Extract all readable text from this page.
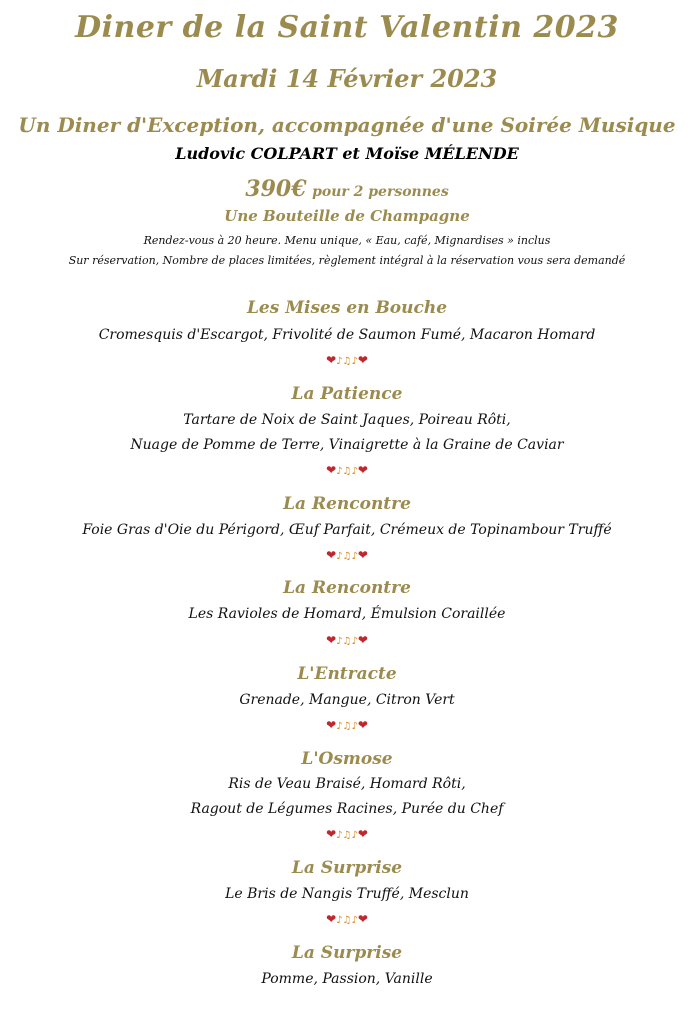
Diner de la Saint Valentin 2023
Mardi 14 Février 2023
Un Diner d'Exception, accompagnée d'une Soirée Musique
Ludovic COLPART et Moïse MÉLENDE
390€ pour 2 personnes
Une Bouteille de Champagne
Rendez-vous à 20 heure. Menu unique, « Eau, café, Mignardises » inclus
Sur réservation, Nombre de places limitées, règlement intégral à la réservation vous sera demandé
Les Mises en Bouche
Cromesquis d'Escargot, Frivolité de Saumon Fumé, Macaron Homard
❤♪♫♪❤
La Patience
Tartare de Noix de Saint Jaques, Poireau Rôti,
Nuage de Pomme de Terre, Vinaigrette à la Graine de Caviar
❤♪♫♪❤
La Rencontre
Foie Gras d'Oie du Périgord, Œuf Parfait, Crémeux de Topinambour Truffé
❤♪♫♪❤
La Rencontre
Les Ravioles de Homard, Émulsion Coraillée
❤♪♫♪❤
L'Entracte
Grenade, Mangue, Citron Vert
❤♪♫♪❤
L'Osmose
Ris de Veau Braisé, Homard Rôti,
Ragout de Légumes Racines, Purée du Chef
❤♪♫♪❤
La Surprise
Le Bris de Nangis Truffé, Mesclun
❤♪♫♪❤
La Surprise
Pomme, Passion, Vanille
